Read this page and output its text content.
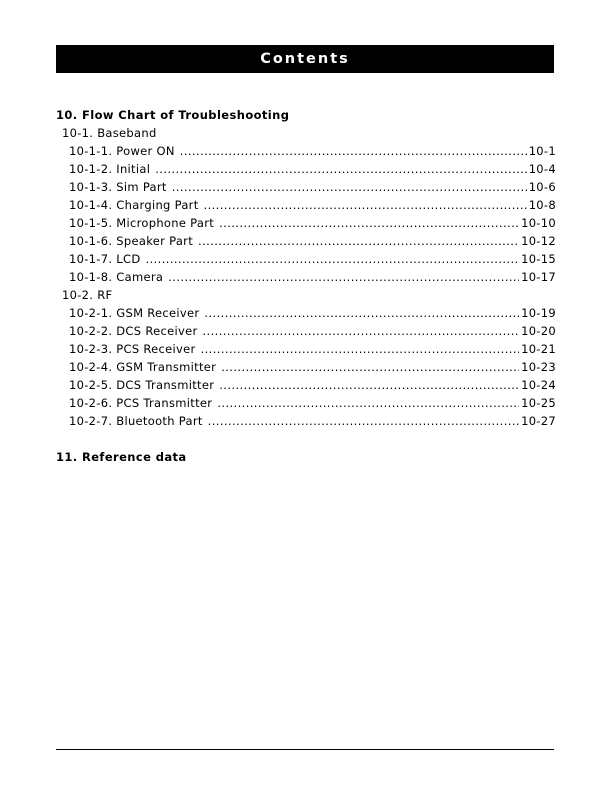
Contents
10. Flow Chart of Troubleshooting
10-1. Baseband
10-1-1. Power ON .....	10-1
10-1-2. Initial .....	10-4
10-1-3. Sim Part .....	10-6
10-1-4. Charging Part .....	10-8
10-1-5. Microphone Part .....	10-10
10-1-6. Speaker Part .....	10-12
10-1-7. LCD .....	10-15
10-1-8. Camera .....	10-17
10-2. RF
10-2-1. GSM Receiver .....	10-19
10-2-2. DCS Receiver .....	10-20
10-2-3. PCS Receiver .....	10-21
10-2-4. GSM Transmitter .....	10-23
10-2-5. DCS Transmitter .....	10-24
10-2-6. PCS Transmitter .....	10-25
10-2-7. Bluetooth Part .....	10-27
11. Reference data
